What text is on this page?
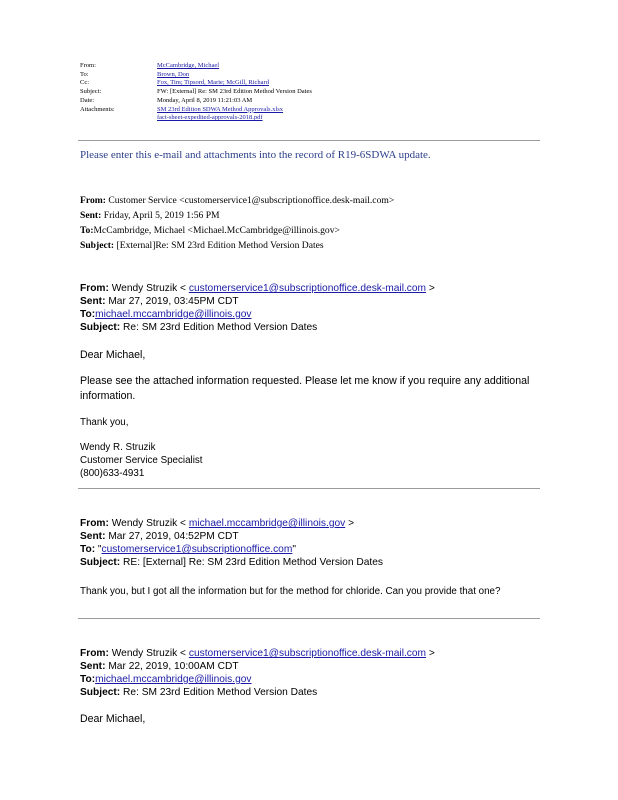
From:	McCambridge, Michael
To:	Brown, Don
Cc:	Fox, Tim; Tipsord, Marie; McGill, Richard
Subject:	FW: [External] Re: SM 23rd Edition Method Version Dates
Date:	Monday, April 8, 2019 11:21:03 AM
Attachments:	SM 23rd Edition SDWA Method Approvals.xlsx
fact-sheet-expedited-approvals-2018.pdf
Please enter this e-mail and attachments into the record of R19-6SDWA update.
From: Customer Service <customerservice1@subscriptionoffice.desk-mail.com>
Sent: Friday, April 5, 2019 1:56 PM
To:McCambridge, Michael <Michael.McCambridge@illinois.gov>
Subject: [External]Re: SM 23rd Edition Method Version Dates
From: Wendy Struzik < customerservice1@subscriptionoffice.desk-mail.com >
Sent: Mar 27, 2019, 03:45PM CDT
To:michael.mccambridge@illinois.gov
Subject: Re: SM 23rd Edition Method Version Dates
Dear Michael,
Please see the attached information requested. Please let me know if you require any additional information.
Thank you,
Wendy R. Struzik
Customer Service Specialist
(800)633-4931
From: Wendy Struzik < michael.mccambridge@illinois.gov >
Sent: Mar 27, 2019, 04:52PM CDT
To: "customerservice1@subscriptionoffice.com"
Subject: RE: [External] Re: SM 23rd Edition Method Version Dates
Thank you, but I got all the information but for the method for chloride. Can you provide that one?
From: Wendy Struzik < customerservice1@subscriptionoffice.desk-mail.com >
Sent: Mar 22, 2019, 10:00AM CDT
To:michael.mccambridge@illinois.gov
Subject: Re: SM 23rd Edition Method Version Dates
Dear Michael,
